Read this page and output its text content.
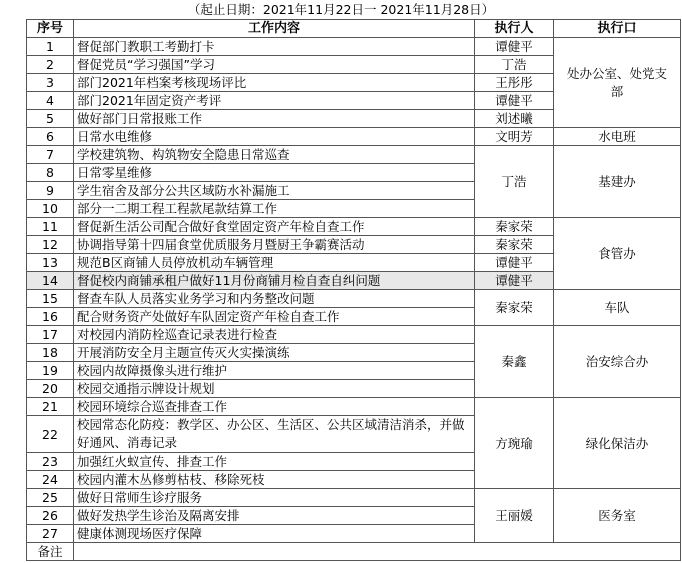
（起止日期：2021年11月22日一 2021年11月28日）
序号	工作内容	执行人	执行口
1	督促部门教职工考勤打卡	谭健平	处办公室、处党支部
2	督促党员“学习强国”学习	丁浩	
3	部门2021年档案考核现场评比	王彤彤	
4	部门2021年固定资产考评	谭健平	
5	做好部门日常报账工作	刘述曦	
6	日常水电维修	文明芳	水电班
7	学校建筑物、构筑物安全隐患日常巡查	丁浩	基建办
8	日常零星维修		
9	学生宿舍及部分公共区域防水补漏施工		
10	部分一二期工程工程款尾款结算工作		
11	督促新生活公司配合做好食堂固定资产年检自查工作	秦家荣	食管办
12	协调指导第十四届食堂优质服务月暨厨王争霸赛活动	秦家荣	
13	规范B区商铺人员停放机动车辆管理	谭健平	
14	督促校内商铺承租户做好11月份商铺月检自查自纠问题	谭健平	
15	督查车队人员落实业务学习和内务整改问题	秦家荣	车队
16	配合财务资产处做好车队固定资产年检自查工作		
17	对校园内消防栓巡查记录表进行检查	秦鑫	治安综合办
18	开展消防安全月主题宣传灭火实操演练		
19	校园内故障摄像头进行维护		
20	校园交通指示牌设计规划		
21	校园环境综合巡查排查工作	方琬瑜	绿化保洁办
22	校园常态化防疫：教学区、办公区、生活区、公共区域清洁消杀，并做好通风、消毒记录		
23	加强红火蚁宣传、排查工作		
24	校园内灌木丛修剪枯枝、移除死枝		
25	做好日常师生诊疗服务	王丽媛	医务室
26	做好发热学生诊治及隔离安排		
27	健康体测现场医疗保障		
备注			
